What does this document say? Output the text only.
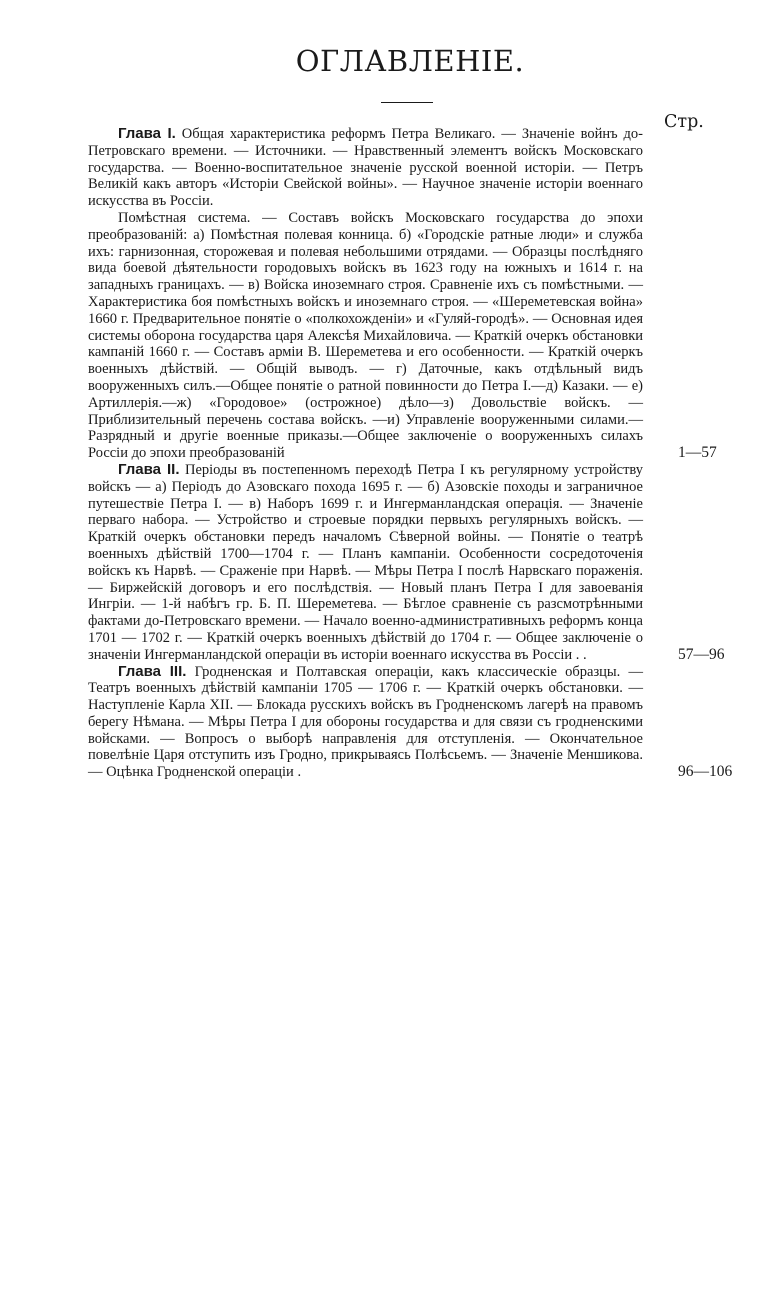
ОГЛАВЛЕНІЕ.
Стр.

Глава I. Общая характеристика реформъ Петра Великаго. — Значеніе войнъ до-Петровскаго времени. — Источники. — Нравственный элементъ войскъ Московскаго государства. — Военно-воспитательное значеніе русской военной исторіи. — Петръ Великій какъ авторъ «Исторіи Свейской войны». — Научное значеніе исторіи военнаго искусства въ Россіи.

Помѣстная система. — Составъ войскъ Московскаго государства до эпохи преобразованій: а) Помѣстная полевая конница. б) «Городскіе ратные люди» и служба ихъ: гарнизонная, сторожевая и полевая небольшими отрядами. — Образцы послѣдняго вида боевой дѣятельности городовыхъ войскъ въ 1623 году на южныхъ и 1614 г. на западныхъ границахъ. — в) Войска иноземнаго строя. Сравненіе ихъ съ помѣстными. — Характеристика боя помѣстныхъ войскъ и иноземнаго строя. — «Шереметевская война» 1660 г. Предварительное понятіе о «полкохожденіи» и «Гуляй-городѣ». — Основная идея системы оборона государства царя Алексѣя Михайловича. — Краткій очеркъ обстановки кампаній 1660 г. — Составъ арміи В. Шереметева и его особенности. — Краткій очеркъ военныхъ дѣйствій. — Общій выводъ. — г) Даточные, какъ отдѣльный видъ вооруженныхъ силъ.—Общее понятіе о ратной повинности до Петра I.—д) Казаки. — е) Артиллерія.—ж) «Городовое» (острожное) дѣло—з) Довольствіе войскъ. — Приблизительный перечень состава войскъ. —и) Управленіе вооруженными силами.—Разрядный и другіе военные приказы.—Общее заключеніе о вооруженныхъ силахъ Россіи до эпохи преобразованій	1—57

Глава II. Періоды въ постепенномъ переходѣ Петра I къ регулярному устройству войскъ — а) Періодъ до Азовскаго похода 1695 г. — б) Азовскіе походы и заграничное путешествіе Петра I. — в) Наборъ 1699 г. и Ингерманландская операція. — Значеніе перваго набора. — Устройство и строевые порядки первыхъ регулярныхъ войскъ. — Краткій очеркъ обстановки передъ началомъ Сѣверной войны. — Понятіе о театрѣ военныхъ дѣйствій 1700—1704 г. — Планъ кампаніи. Особенности сосредоточенія войскъ къ Нарвѣ. — Сраженіе при Нарвѣ. — Мѣры Петра I послѣ Нарвскаго пораженія. — Биржейскій договоръ и его послѣдствія. — Новый планъ Петра I для завоеванія Ингріи. — 1-й набѣгъ гр. Б. П. Шереметева. — Бѣглое сравненіе съ разсмотрѣнными фактами до-Петровскаго времени. — Начало военно-административныхъ реформъ конца 1701 — 1702 г. — Краткій очеркъ военныхъ дѣйствій до 1704 г. — Общее заключеніе о значеніи Ингерманландской операціи въ исторіи военнаго искусства въ Россіи . .	57—96

Глава III. Гродненская и Полтавская операціи, какъ классическіе образцы. — Театръ военныхъ дѣйствій кампаніи 1705 — 1706 г. — Краткій очеркъ обстановки. — Наступленіе Карла XII. — Блокада русскихъ войскъ въ Гродненскомъ лагерѣ на правомъ берегу Нѣмана. — Мѣры Петра I для обороны государства и для связи съ гродненскими войсками. — Вопросъ о выборѣ направленія для отступленія. — Окончательное повелѣніе Царя отступить изъ Гродно, прикрываясь Полѣсьемъ. — Значеніе Меншикова. — Оцѣнка Гродненской операціи .	96—106
